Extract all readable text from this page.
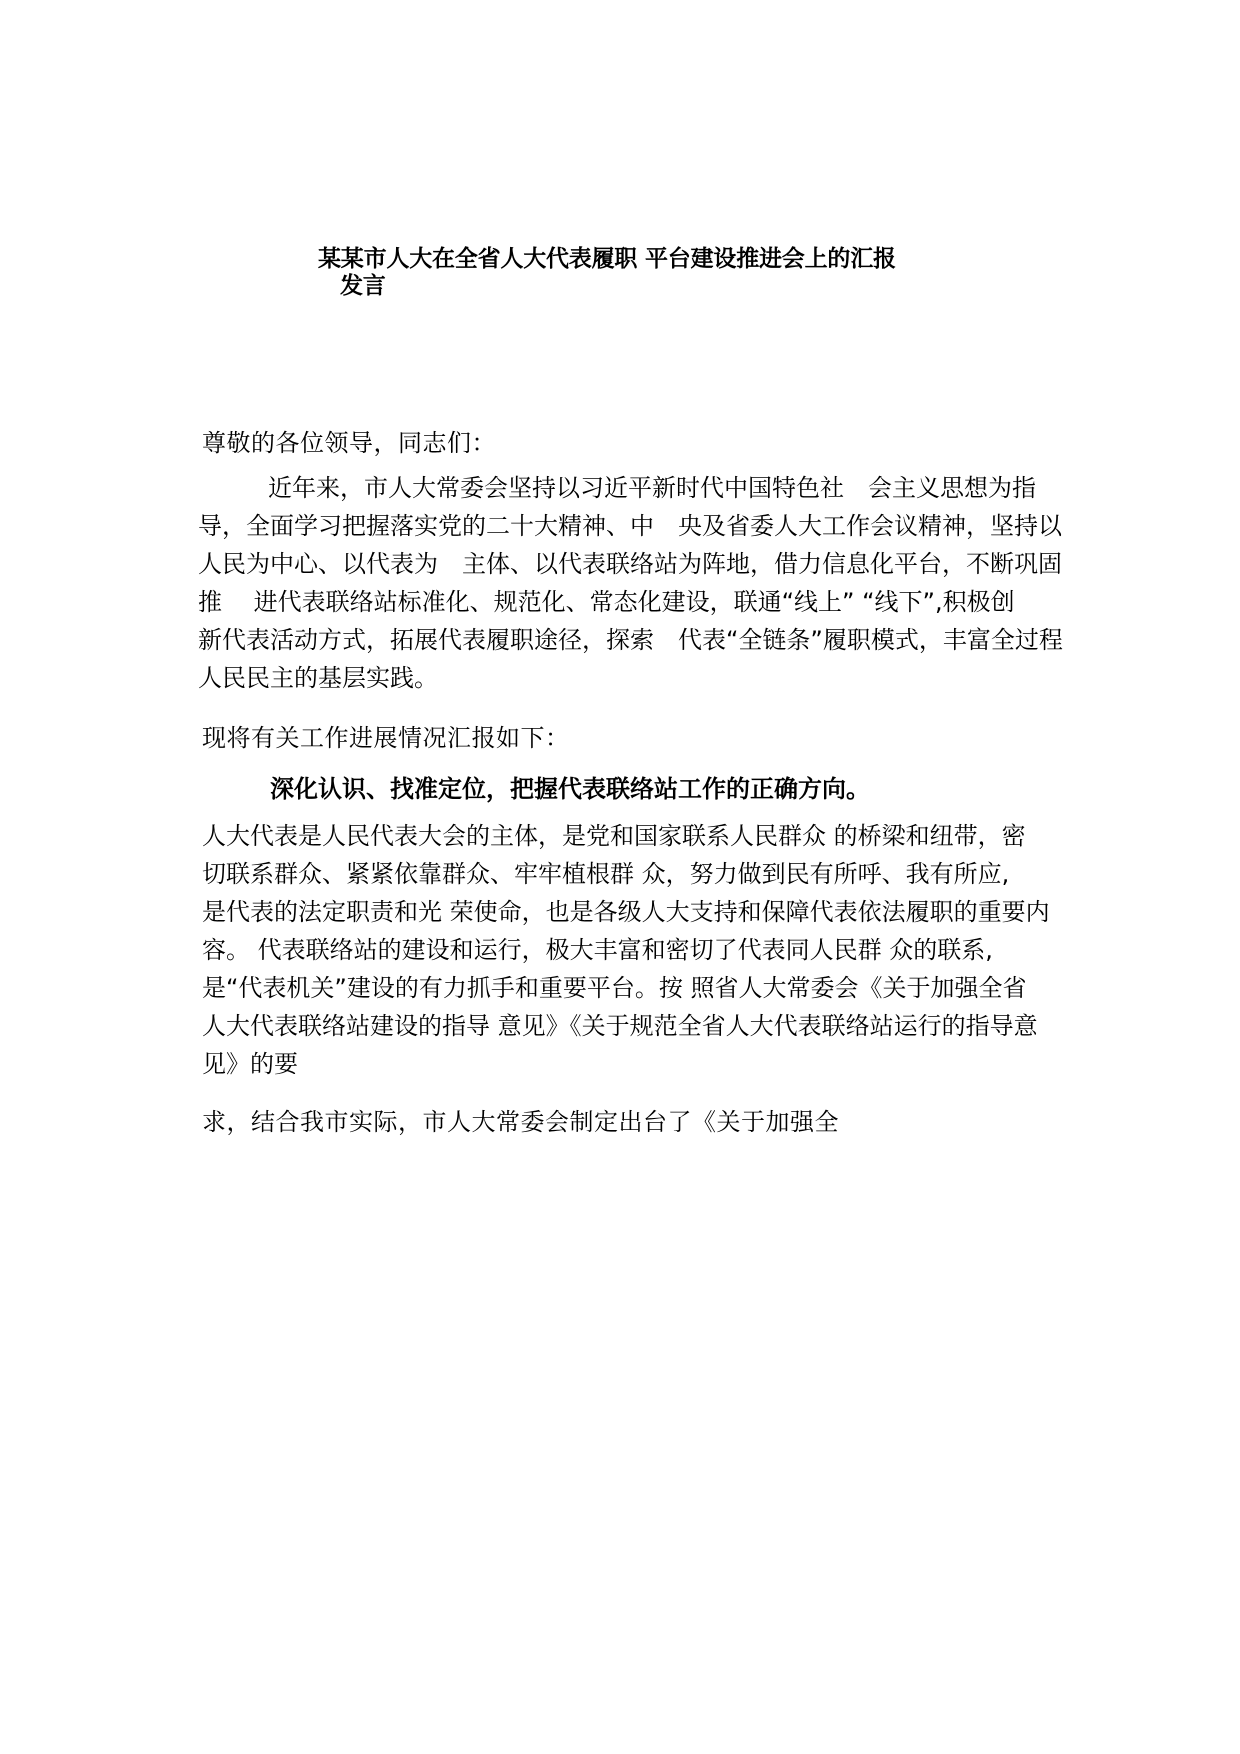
某某市人大在全省人大代表履职 平台建设推进会上的汇报
发言
尊敬的各位领导，同志们：
近年来，市人大常委会坚持以习近平新时代中国特色社　会主义思想为指
导，全面学习把握落实党的二十大精神、中　央及省委人大工作会议精神，坚持以
人民为中心、以代表为　主体、以代表联络站为阵地，借力信息化平台，不断巩固
推　 进代表联络站标准化、规范化、常态化建设，联通“线上” “线下”,积极创
新代表活动方式，拓展代表履职途径，探索　代表“全链条”履职模式，丰富全过程
人民民主的基层实践。
现将有关工作进展情况汇报如下：
深化认识、找准定位，把握代表联络站工作的正确方向。
人大代表是人民代表大会的主体，是党和国家联系人民群众 的桥梁和纽带，密
切联系群众、紧紧依靠群众、牢牢植根群 众，努力做到民有所呼、我有所应,
是代表的法定职责和光 荣使命，也是各级人大支持和保障代表依法履职的重要内
容。 代表联络站的建设和运行，极大丰富和密切了代表同人民群 众的联系,
是“代表机关”建设的有力抓手和重要平台。按 照省人大常委会《关于加强全省
人大代表联络站建设的指导 意见》《关于规范全省人大代表联络站运行的指导意
见》的要
求，结合我市实际，市人大常委会制定出台了《关于加强全
